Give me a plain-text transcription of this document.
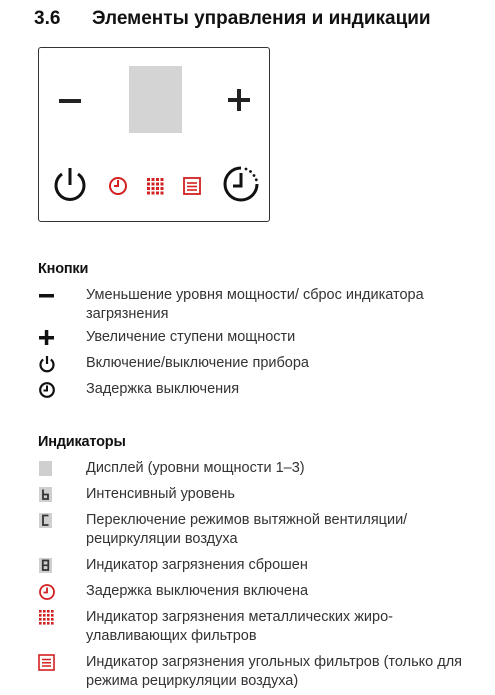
3.6 Элементы управления и индикации
Кнопки
Уменьшение уровня мощности/ сброс индикатора загрязнения
Увеличение ступени мощности
Включение/выключение прибора
Задержка выключения
Индикаторы
Дисплей (уровни мощности 1–3)
Интенсивный уровень
Переключение режимов вытяжной вентиляции/ рециркуляции воздуха
Индикатор загрязнения сброшен
Задержка выключения включена
Индикатор загрязнения металлических жиро- улавливающих фильтров
Индикатор загрязнения угольных фильтров (только для режима рециркуляции воздуха)
